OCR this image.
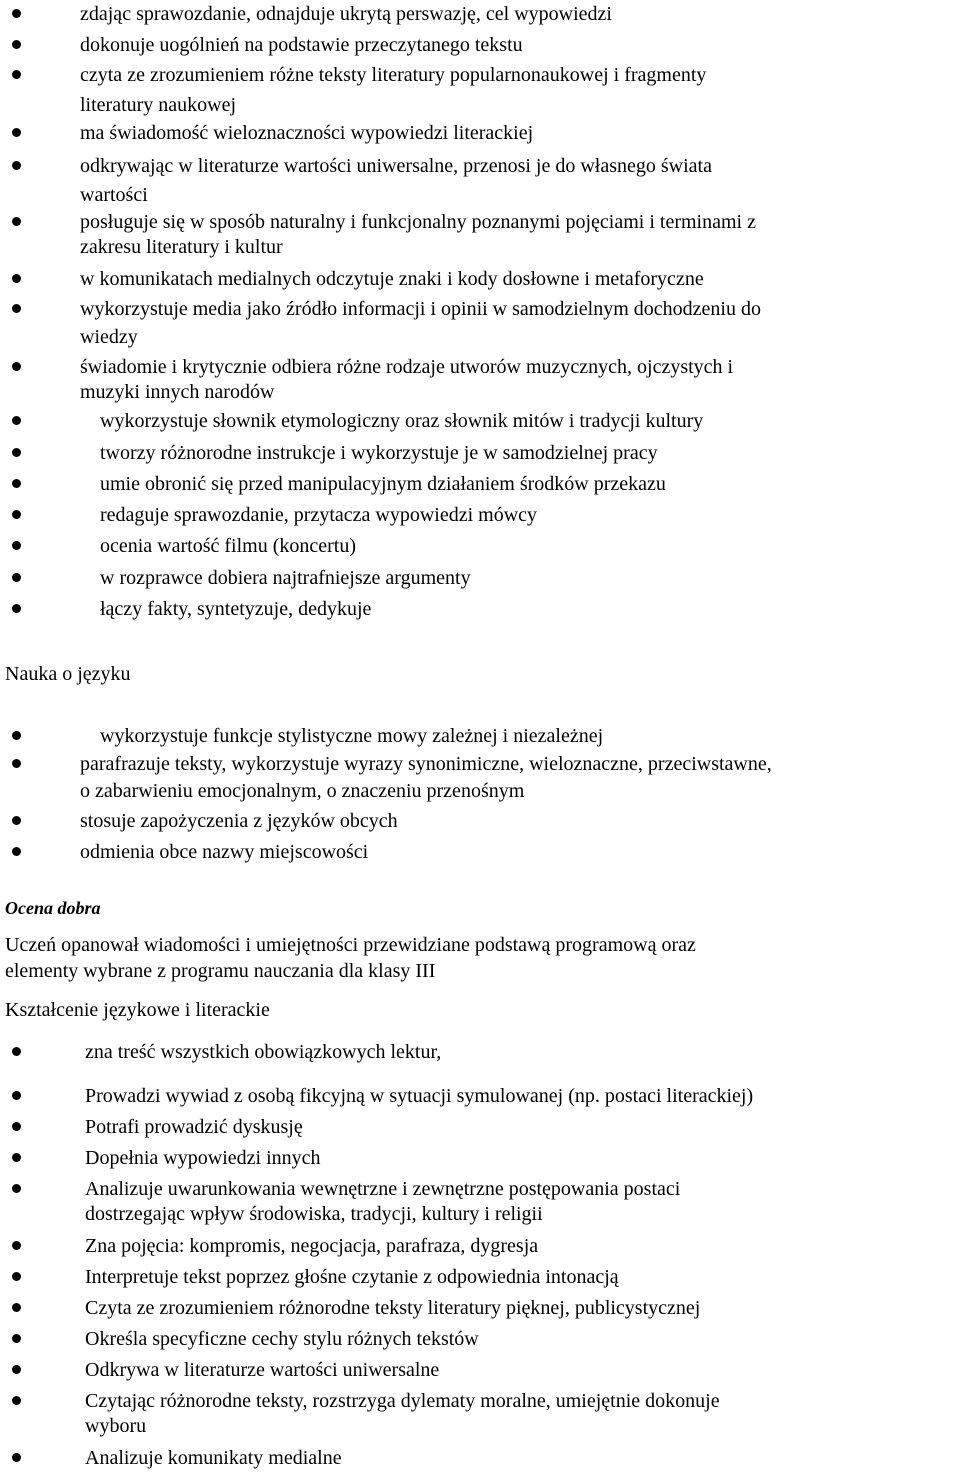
zdając sprawozdanie, odnajduje ukrytą perswazję, cel wypowiedzi
dokonuje uogólnień na podstawie przeczytanego tekstu
czyta ze zrozumieniem różne teksty literatury popularnonaukowej i fragmenty
literatury naukowej
ma świadomość wieloznaczności wypowiedzi literackiej
odkrywając w literaturze wartości uniwersalne, przenosi je do własnego świata
wartości
posługuje się w sposób naturalny i funkcjonalny poznanymi pojęciami i terminami z
zakresu literatury i kultur
w komunikatach medialnych odczytuje znaki i kody dosłowne i metaforyczne
wykorzystuje media jako źródło informacji i opinii w samodzielnym dochodzeniu do
wiedzy
świadomie i krytycznie odbiera różne rodzaje utworów muzycznych, ojczystych i
muzyki innych narodów
wykorzystuje słownik etymologiczny oraz słownik mitów i tradycji kultury
tworzy różnorodne instrukcje i wykorzystuje je w samodzielnej pracy
umie obronić się przed manipulacyjnym działaniem środków przekazu
redaguje sprawozdanie, przytacza wypowiedzi mówcy
ocenia wartość filmu (koncertu)
w rozprawce dobiera najtrafniejsze argumenty
łączy fakty, syntetyzuje, dedykuje
Nauka o języku
wykorzystuje funkcje stylistyczne mowy zależnej i niezależnej
parafrazuje teksty, wykorzystuje wyrazy synonimiczne, wieloznaczne, przeciwstawne,
o zabarwieniu emocjonalnym, o znaczeniu przenośnym
stosuje zapożyczenia z języków obcych
odmienia obce nazwy miejscowości
Ocena dobra

Uczeń opanował wiadomości i umiejętności przewidziane podstawą programową oraz
elementy wybrane z programu nauczania dla klasy III

Kształcenie językowe i literackie
zna treść wszystkich obowiązkowych lektur,
Prowadzi wywiad z osobą fikcyjną w sytuacji symulowanej (np. postaci literackiej)
Potrafi prowadzić dyskusję
Dopełnia wypowiedzi innych
Analizuje uwarunkowania wewnętrzne i zewnętrzne postępowania postaci
dostrzegając wpływ środowiska, tradycji, kultury i religii
Zna pojęcia: kompromis, negocjacja, parafraza, dygresja
Interpretuje tekst poprzez głośne czytanie z odpowiednia intonacją
Czyta ze zrozumieniem różnorodne teksty literatury pięknej, publicystycznej
Określa specyficzne cechy stylu różnych tekstów
Odkrywa w literaturze wartości uniwersalne
Czytając różnorodne teksty, rozstrzyga dylematy moralne, umiejętnie dokonuje
wyboru
Analizuje komunikaty medialne
